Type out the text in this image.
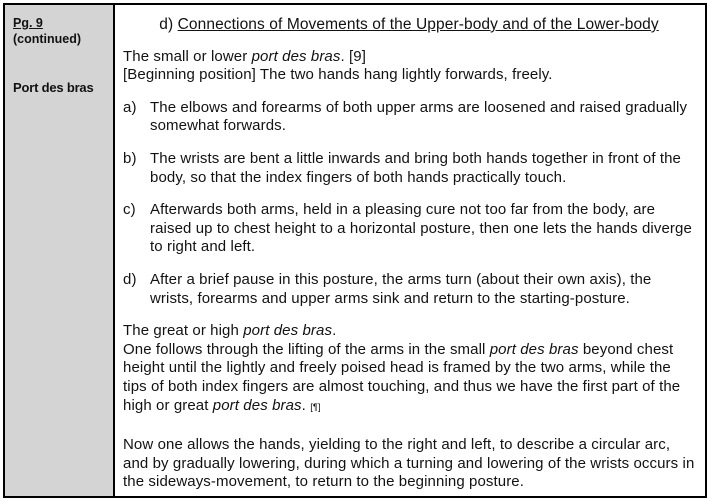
Pg. 9 (continued)
Port des bras
d) Connections of Movements of the Upper-body and of the Lower-body
The small or lower port des bras. [9]
[Beginning position] The two hands hang lightly forwards, freely.
a) The elbows and forearms of both upper arms are loosened and raised gradually somewhat forwards.
b) The wrists are bent a little inwards and bring both hands together in front of the body, so that the index fingers of both hands practically touch.
c) Afterwards both arms, held in a pleasing cure not too far from the body, are raised up to chest height to a horizontal posture, then one lets the hands diverge to right and left.
d) After a brief pause in this posture, the arms turn (about their own axis), the wrists, forearms and upper arms sink and return to the starting-posture.
The great or high port des bras.
One follows through the lifting of the arms in the small port des bras beyond chest height until the lightly and freely poised head is framed by the two arms, while the tips of both index fingers are almost touching, and thus we have the first part of the high or great port des bras. [¶]
Now one allows the hands, yielding to the right and left, to describe a circular arc, and by gradually lowering, during which a turning and lowering of the wrists occurs in the sideways-movement, to return to the beginning posture.
